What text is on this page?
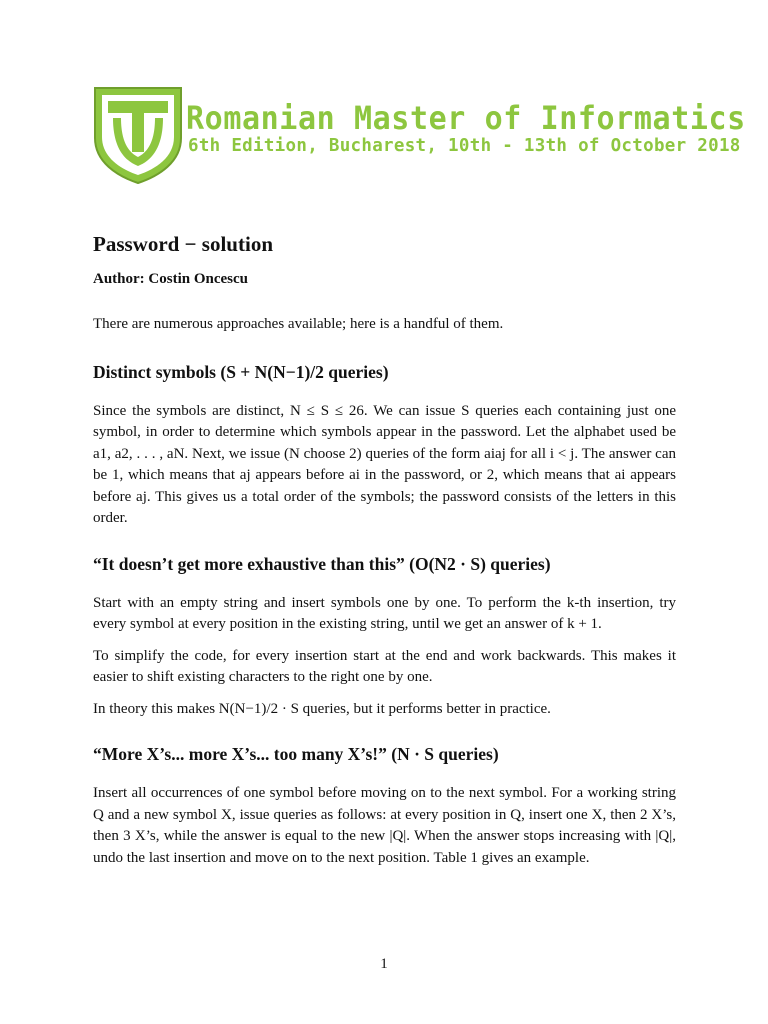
Romanian Master of Informatics
6th Edition, Bucharest, 10th - 13th of October 2018
Password − solution
Author: Costin Oncescu

There are numerous approaches available; here is a handful of them.

Distinct symbols (S + N(N−1)/2 queries)

Since the symbols are distinct, N ≤ S ≤ 26. We can issue S queries each containing just one symbol, in order to determine which symbols appear in the password. Let the alphabet used be a1, a2, . . . , aN. Next, we issue (N choose 2) queries of the form aiaj for all i < j. The answer can be 1, which means that aj appears before ai in the password, or 2, which means that ai appears before aj. This gives us a total order of the symbols; the password consists of the letters in this order.

“It doesn’t get more exhaustive than this” (O(N2 · S) queries)

Start with an empty string and insert symbols one by one. To perform the k-th insertion, try every symbol at every position in the existing string, until we get an answer of k + 1.

To simplify the code, for every insertion start at the end and work backwards. This makes it easier to shift existing characters to the right one by one.

In theory this makes N(N−1)/2 · S queries, but it performs better in practice.

“More X’s... more X’s... too many X’s!” (N · S queries)

Insert all occurrences of one symbol before moving on to the next symbol. For a working string Q and a new symbol X, issue queries as follows: at every position in Q, insert one X, then 2 X’s, then 3 X’s, while the answer is equal to the new |Q|. When the answer stops increasing with |Q|, undo the last insertion and move on to the next position. Table 1 gives an example.

1
